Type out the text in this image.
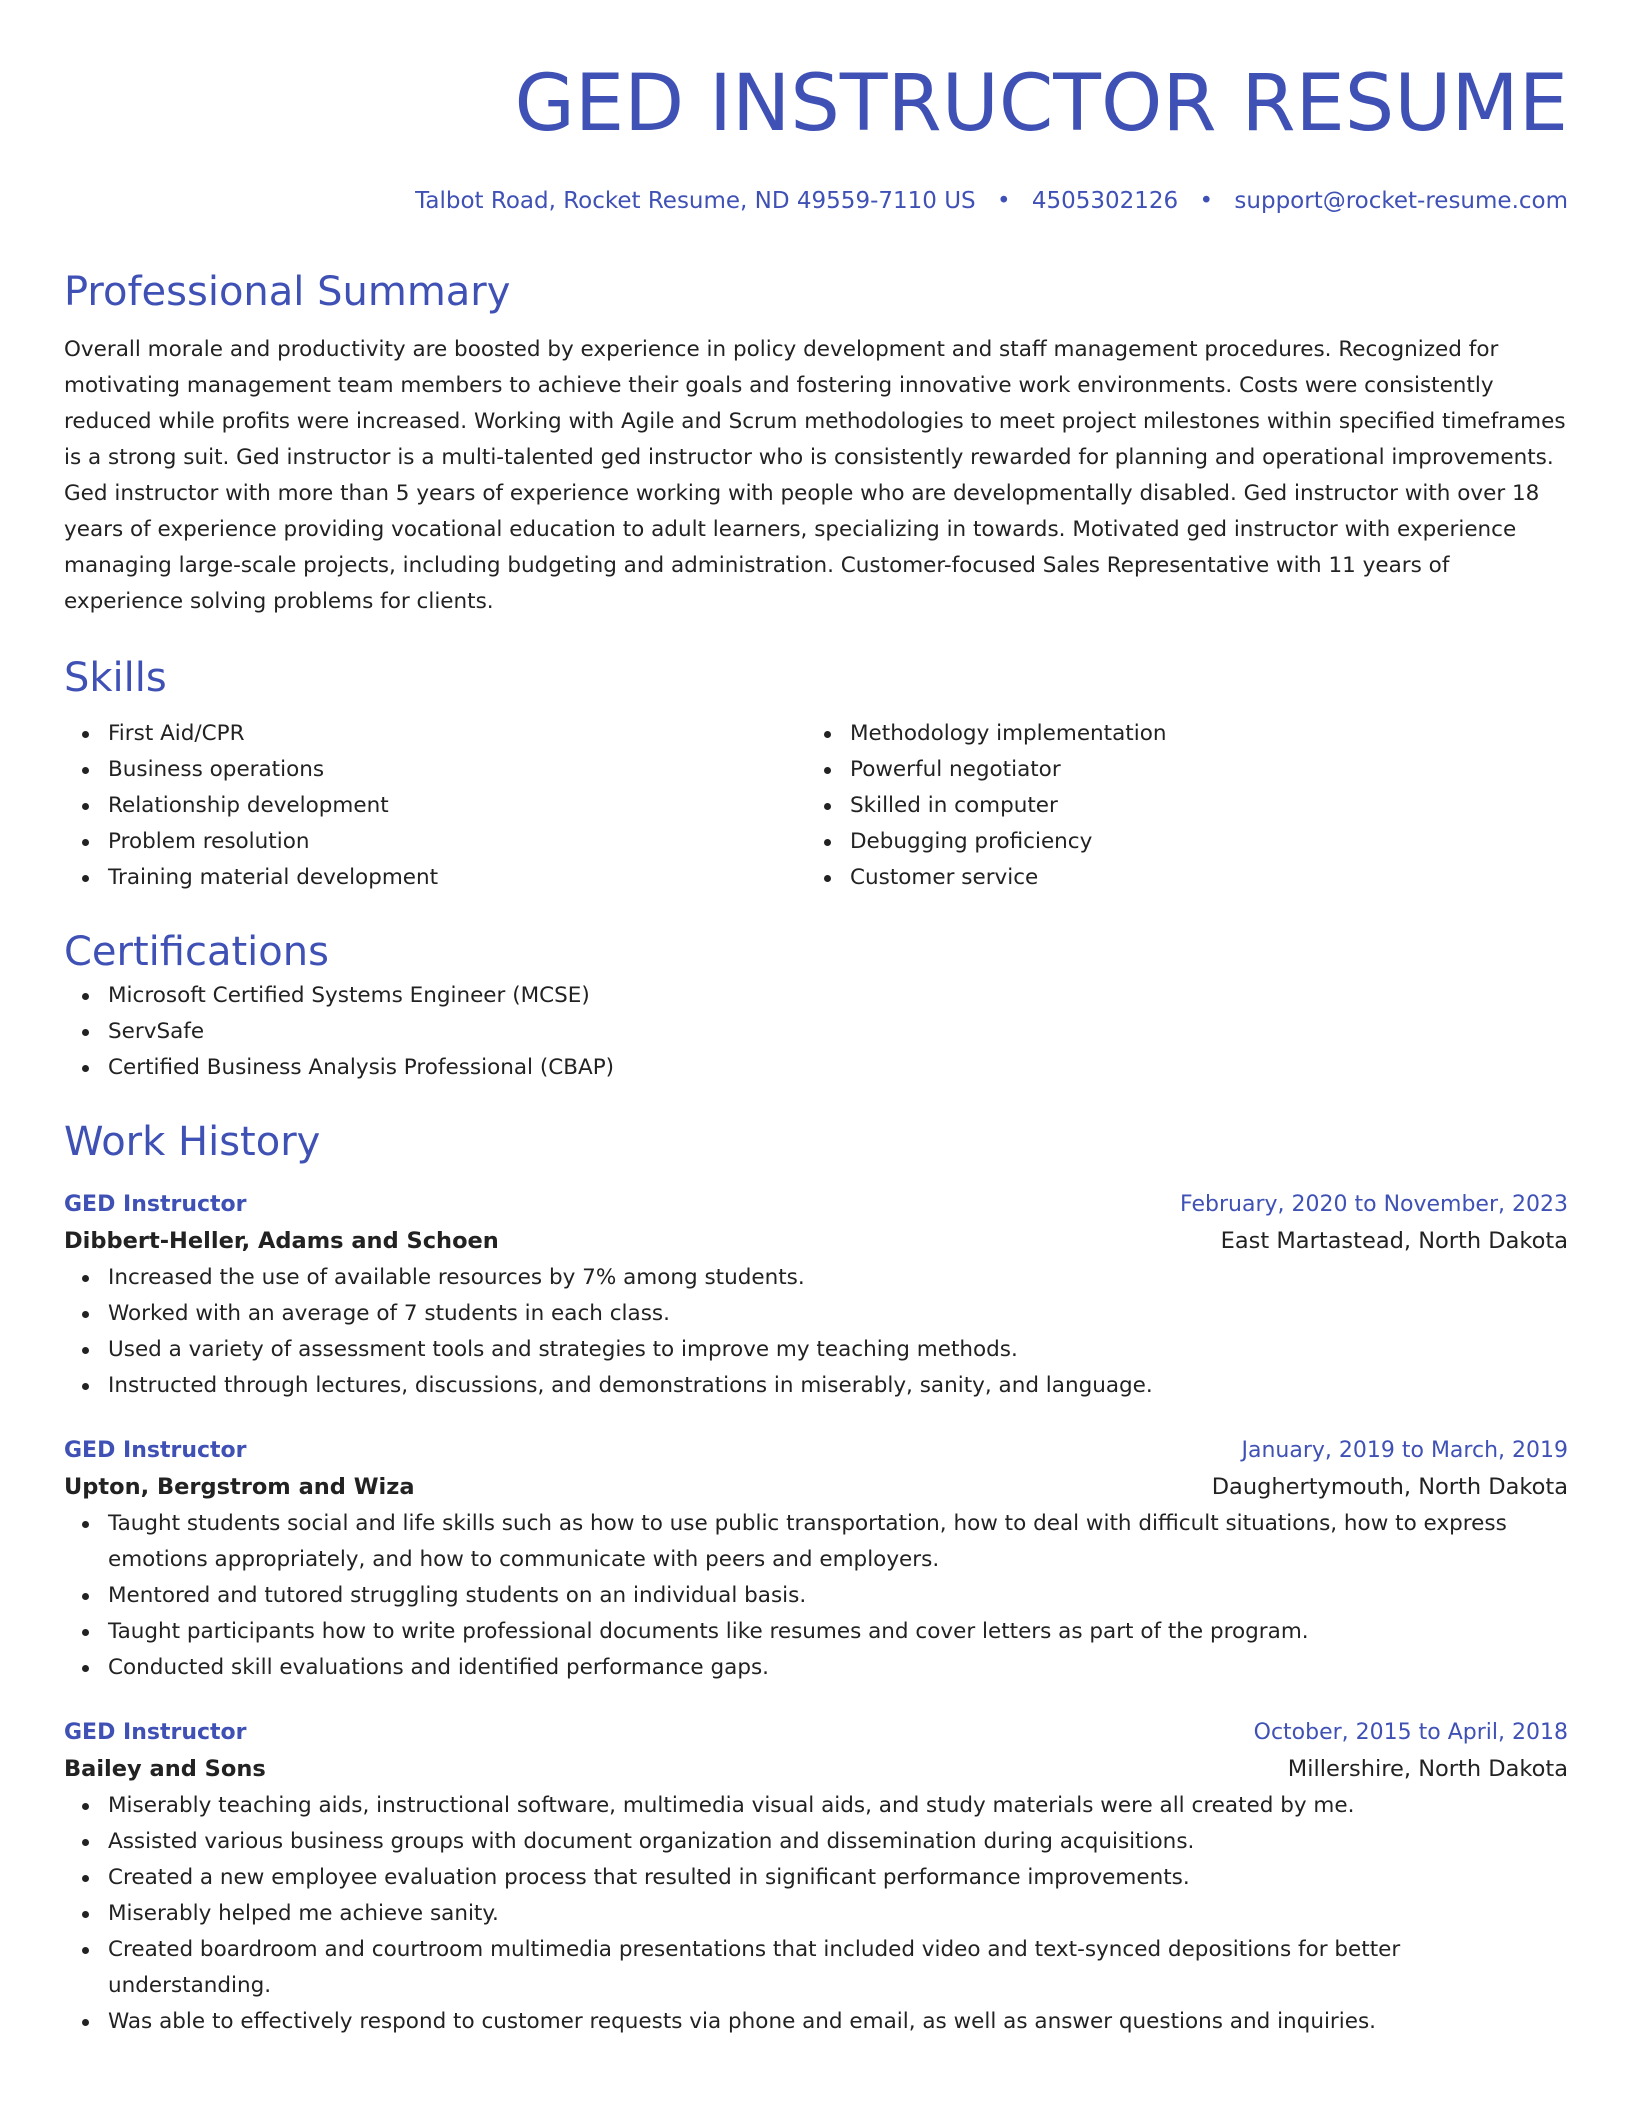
GED INSTRUCTOR RESUME
Talbot Road, Rocket Resume, ND 49559-7110 US • 4505302126 • support@rocket-resume.com
Professional Summary

Overall morale and productivity are boosted by experience in policy development and staff management procedures. Recognized for motivating management team members to achieve their goals and fostering innovative work environments. Costs were consistently reduced while profits were increased. Working with Agile and Scrum methodologies to meet project milestones within specified timeframes is a strong suit. Ged instructor is a multi-talented ged instructor who is consistently rewarded for planning and operational improvements. Ged instructor with more than 5 years of experience working with people who are developmentally disabled. Ged instructor with over 18 years of experience providing vocational education to adult learners, specializing in towards. Motivated ged instructor with experience managing large-scale projects, including budgeting and administration. Customer-focused Sales Representative with 11 years of experience solving problems for clients.

Skills
First Aid/CPR
Business operations
Relationship development
Problem resolution
Training material development
Methodology implementation
Powerful negotiator
Skilled in computer
Debugging proficiency
Customer service
Certifications
Microsoft Certified Systems Engineer (MCSE)
ServSafe
Certified Business Analysis Professional (CBAP)
Work History
GED Instructor	February, 2020 to November, 2023
Dibbert-Heller, Adams and Schoen	East Martastead, North Dakota
Increased the use of available resources by 7% among students.
Worked with an average of 7 students in each class.
Used a variety of assessment tools and strategies to improve my teaching methods.
Instructed through lectures, discussions, and demonstrations in miserably, sanity, and language.
GED Instructor	January, 2019 to March, 2019
Upton, Bergstrom and Wiza	Daughertymouth, North Dakota
Taught students social and life skills such as how to use public transportation, how to deal with difficult situations, how to express emotions appropriately, and how to communicate with peers and employers.
Mentored and tutored struggling students on an individual basis.
Taught participants how to write professional documents like resumes and cover letters as part of the program.
Conducted skill evaluations and identified performance gaps.
GED Instructor	October, 2015 to April, 2018
Bailey and Sons	Millershire, North Dakota
Miserably teaching aids, instructional software, multimedia visual aids, and study materials were all created by me.
Assisted various business groups with document organization and dissemination during acquisitions.
Created a new employee evaluation process that resulted in significant performance improvements.
Miserably helped me achieve sanity.
Created boardroom and courtroom multimedia presentations that included video and text-synced depositions for better understanding.
Was able to effectively respond to customer requests via phone and email, as well as answer questions and inquiries.
